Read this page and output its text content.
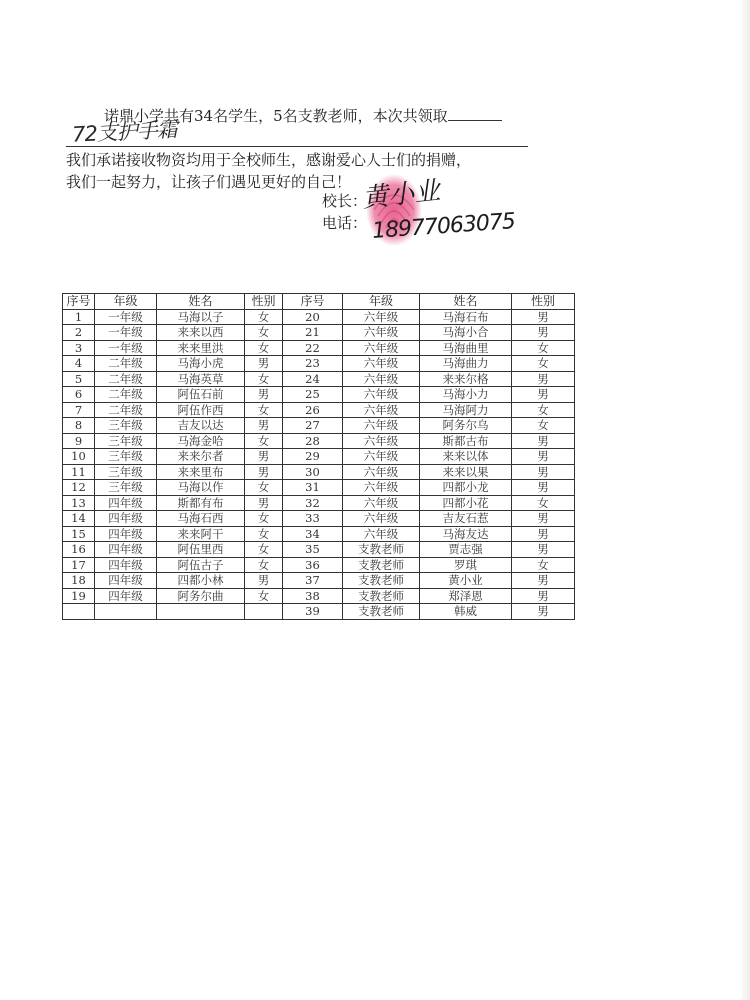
诺鼎小学共有34名学生，5名支教老师，本次共领取
72支护手霜
我们承诺接收物资均用于全校师生，感谢爱心人士们的捐赠，
我们一起努力，让孩子们遇见更好的自己！
校长：
黄小业
电话： 18977063075
序号	年级	姓名	性别	序号	年级	姓名	性别
1	一年级	马海以子	女	20	六年级	马海石布	男
2	一年级	来来以西	女	21	六年级	马海小合	男
3	一年级	来来里洪	女	22	六年级	马海曲里	女
4	二年级	马海小虎	男	23	六年级	马海曲力	女
5	二年级	马海英草	女	24	六年级	来来尔格	男
6	二年级	阿伍石前	男	25	六年级	马海小力	男
7	二年级	阿伍作西	女	26	六年级	马海阿力	女
8	三年级	吉友以达	男	27	六年级	阿务尔乌	女
9	三年级	马海金哈	女	28	六年级	斯都古布	男
10	三年级	来来尔者	男	29	六年级	来来以体	男
11	三年级	来来里布	男	30	六年级	来来以果	男
12	三年级	马海以作	女	31	六年级	四都小龙	男
13	四年级	斯都有布	男	32	六年级	四都小花	女
14	四年级	马海石西	女	33	六年级	吉友石惹	男
15	四年级	来来阿干	女	34	六年级	马海友达	男
16	四年级	阿伍里西	女	35	支教老师	贾志强	男
17	四年级	阿伍古子	女	36	支教老师	罗琪	女
18	四年级	四都小林	男	37	支教老师	黄小业	男
19	四年级	阿务尔曲	女	38	支教老师	郑泽恩	男
				39	支教老师	韩威	男
